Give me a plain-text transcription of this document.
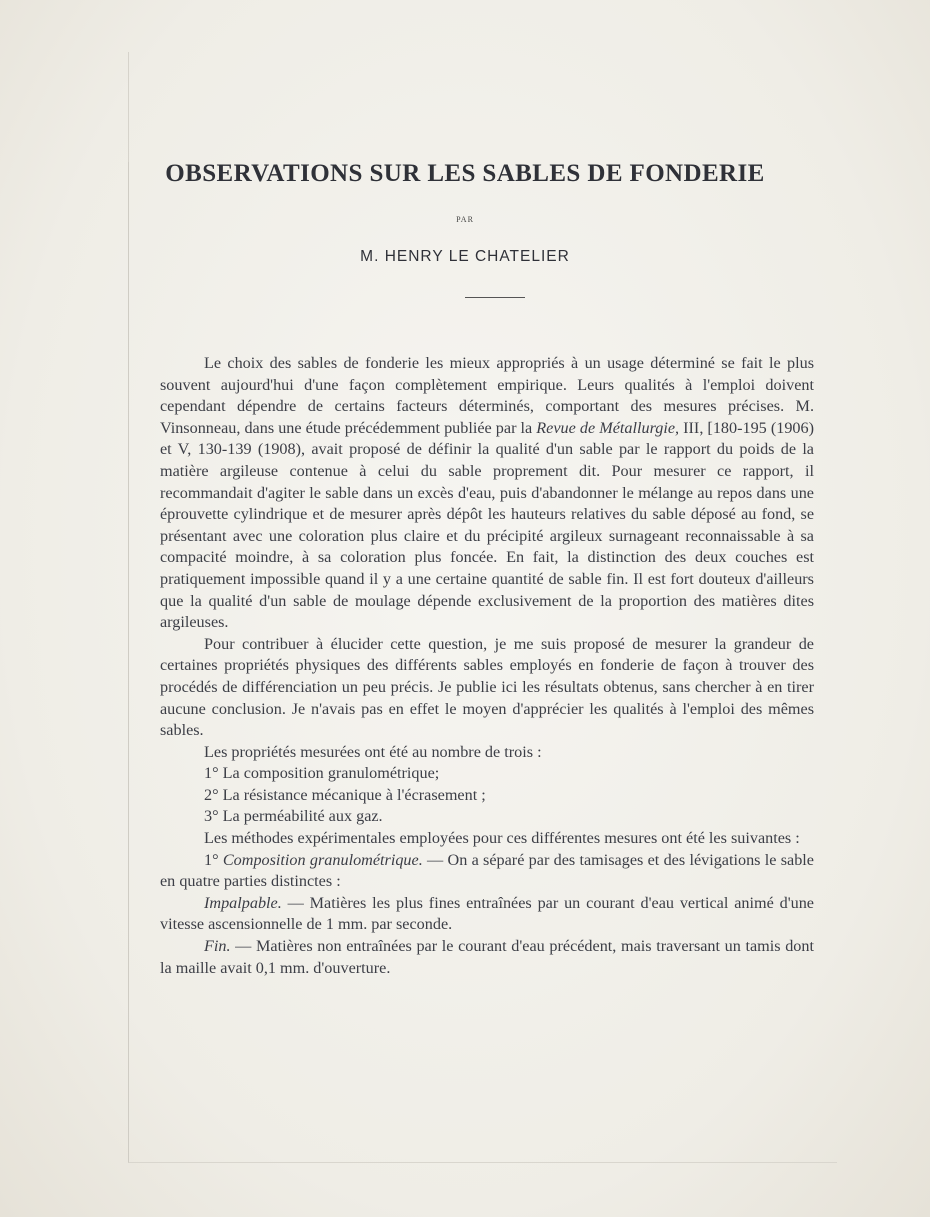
OBSERVATIONS SUR LES SABLES DE FONDERIE
PAR
M. HENRY LE CHATELIER

Le choix des sables de fonderie les mieux appropriés à un usage déterminé se fait le plus souvent aujourd'hui d'une façon complètement empirique. Leurs qualités à l'emploi doivent cependant dépendre de certains facteurs déterminés, comportant des mesures précises. M. Vinsonneau, dans une étude précédemment publiée par la Revue de Métallurgie, III, [180-195 (1906) et V, 130-139 (1908), avait proposé de définir la qualité d'un sable par le rapport du poids de la matière argileuse contenue à celui du sable proprement dit. Pour mesurer ce rapport, il recommandait d'agiter le sable dans un excès d'eau, puis d'abandonner le mélange au repos dans une éprouvette cylindrique et de mesurer après dépôt les hauteurs relatives du sable déposé au fond, se présentant avec une coloration plus claire et du précipité argileux surnageant reconnaissable à sa compacité moindre, à sa coloration plus foncée. En fait, la distinction des deux couches est pratiquement impossible quand il y a une certaine quantité de sable fin. Il est fort douteux d'ailleurs que la qualité d'un sable de moulage dépende exclusivement de la proportion des matières dites argileuses.

Pour contribuer à élucider cette question, je me suis proposé de mesurer la grandeur de certaines propriétés physiques des différents sables employés en fonderie de façon à trouver des procédés de différenciation un peu précis. Je publie ici les résultats obtenus, sans chercher à en tirer aucune conclusion. Je n'avais pas en effet le moyen d'apprécier les qualités à l'emploi des mêmes sables.

Les propriétés mesurées ont été au nombre de trois :

1° La composition granulométrique;

2° La résistance mécanique à l'écrasement ;

3° La perméabilité aux gaz.

Les méthodes expérimentales employées pour ces différentes mesures ont été les suivantes :

1° Composition granulométrique. — On a séparé par des tamisages et des lévigations le sable en quatre parties distinctes :

Impalpable. — Matières les plus fines entraînées par un courant d'eau vertical animé d'une vitesse ascensionnelle de 1 mm. par seconde.

Fin. — Matières non entraînées par le courant d'eau précédent, mais traversant un tamis dont la maille avait 0,1 mm. d'ouverture.
